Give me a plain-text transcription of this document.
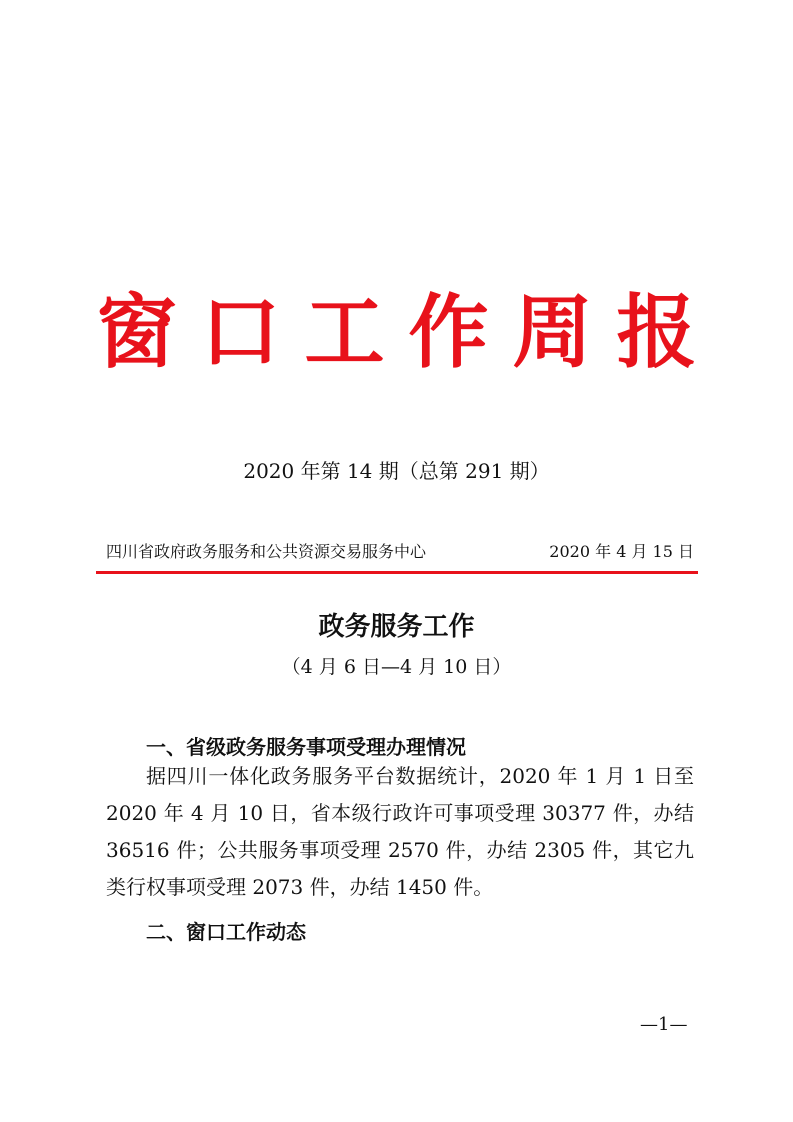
窗口工作周报
2020 年第 14 期（总第 291 期）
四川省政府政务服务和公共资源交易服务中心	2020 年 4 月 15 日
政务服务工作
（4 月 6 日—4 月 10 日）
一、省级政务服务事项受理办理情况
据四川一体化政务服务平台数据统计，2020 年 1 月 1 日至 2020 年 4 月 10 日，省本级行政许可事项受理 30377 件，办结 36516 件；公共服务事项受理 2570 件，办结 2305 件，其它九类行权事项受理 2073 件，办结 1450 件。
二、窗口工作动态
—1—
